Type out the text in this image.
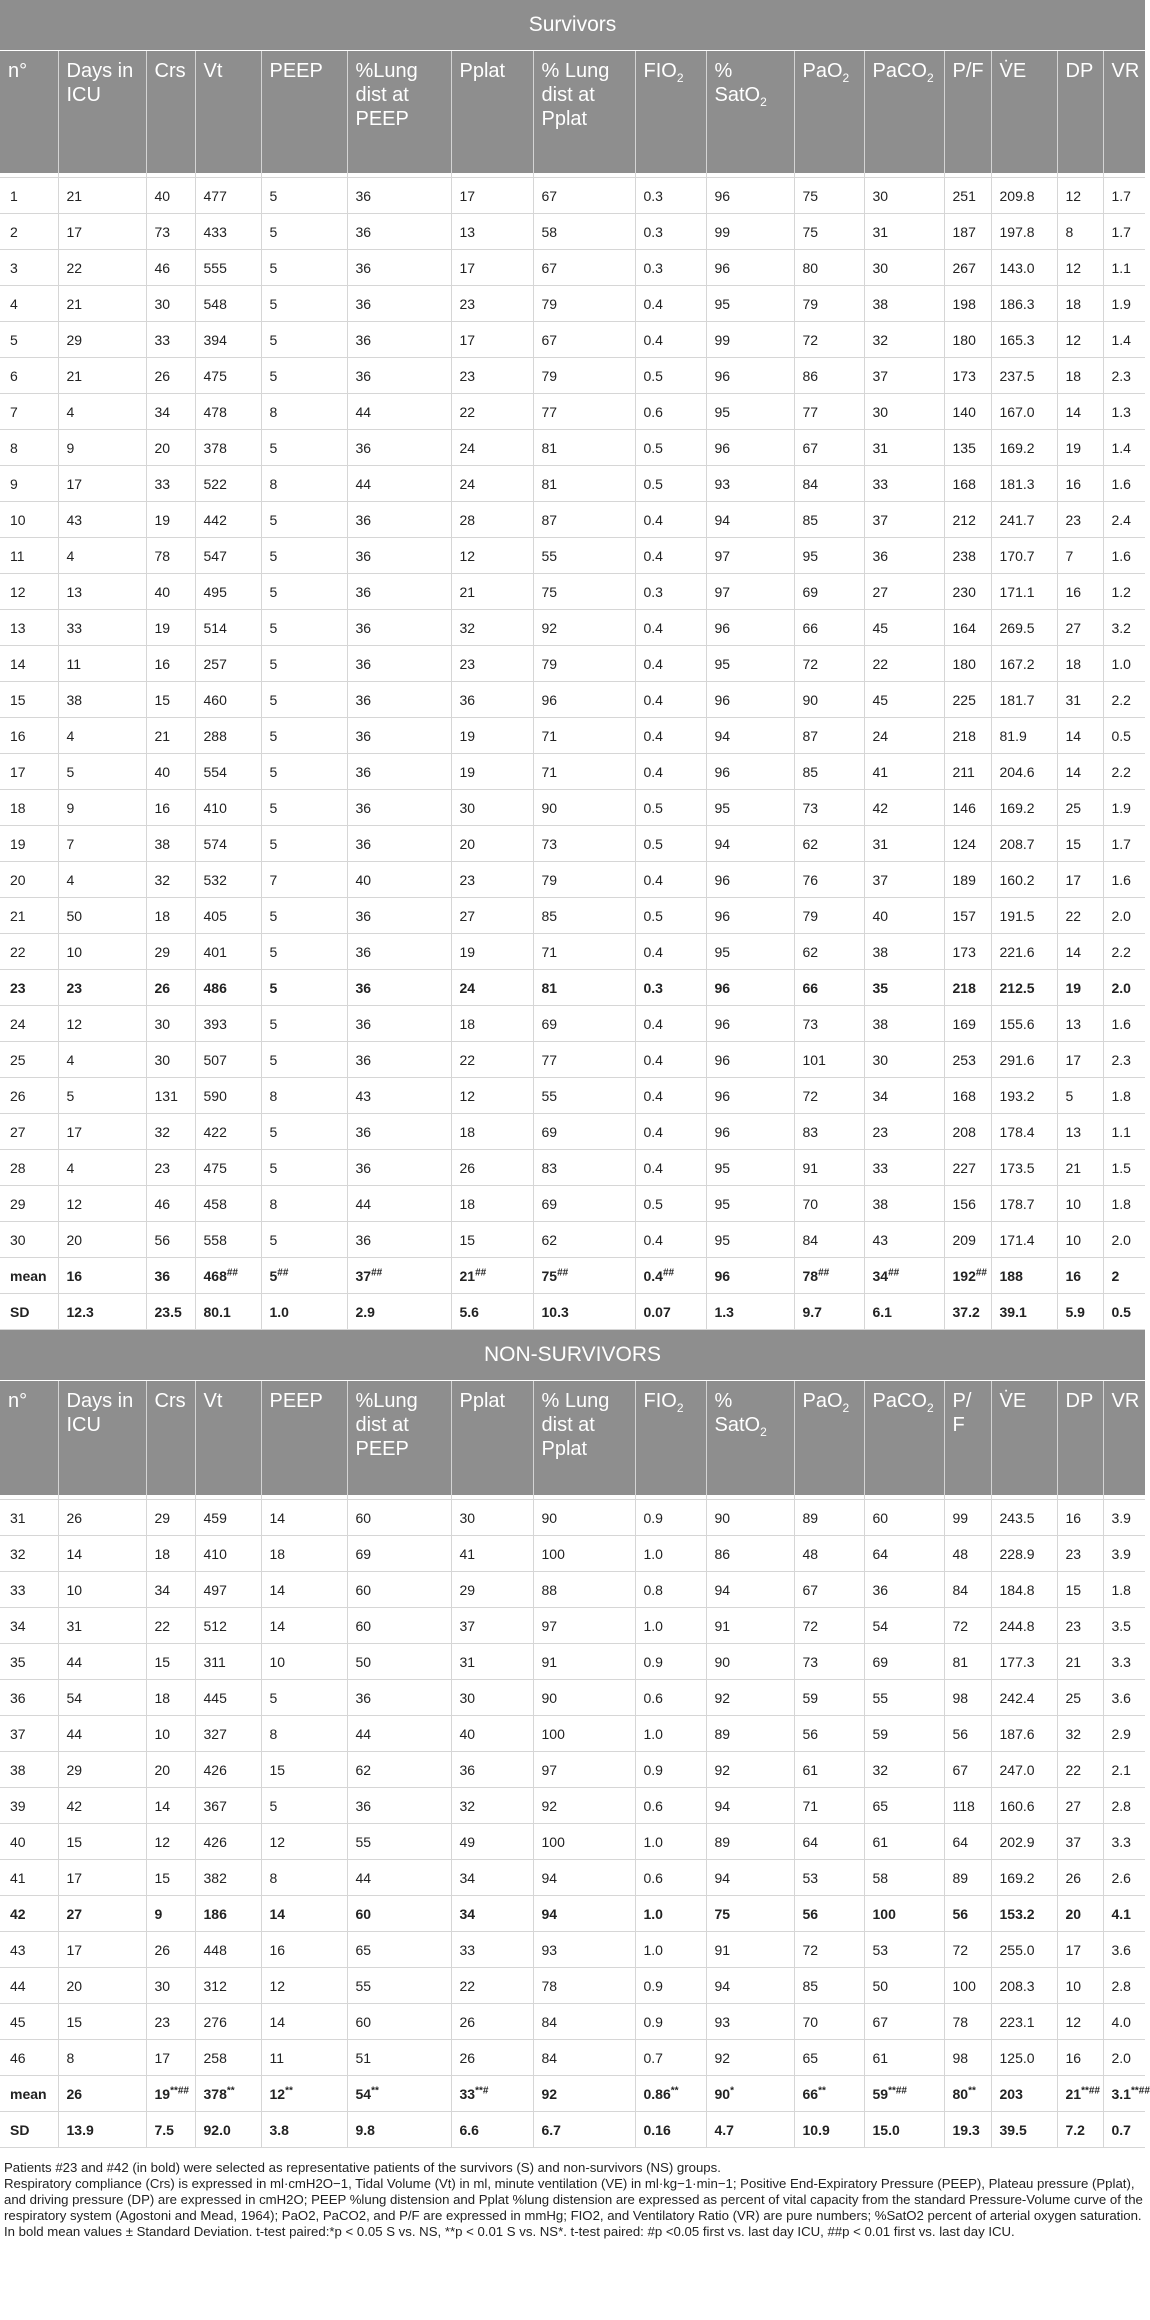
Survivors															
n°	Days in ICU	Crs	Vt	PEEP	%Lung dist at PEEP	Pplat	% Lung dist at Pplat	$FIO_2$	% SatO$_2$	PaO$_2$	PaCO$_2$	P/F	V̇E	DP	VR

1	21	40	477	5	36	17	67	0.3	96	75	30	251	209.8	12	1.7
2	17	73	433	5	36	13	58	0.3	99	75	31	187	197.8	8	1.7
3	22	46	555	5	36	17	67	0.3	96	80	30	267	143.0	12	1.1
4	21	30	548	5	36	23	79	0.4	95	79	38	198	186.3	18	1.9
5	29	33	394	5	36	17	67	0.4	99	72	32	180	165.3	12	1.4
6	21	26	475	5	36	23	79	0.5	96	86	37	173	237.5	18	2.3
7	4	34	478	8	44	22	77	0.6	95	77	30	140	167.0	14	1.3
8	9	20	378	5	36	24	81	0.5	96	67	31	135	169.2	19	1.4
9	17	33	522	8	44	24	81	0.5	93	84	33	168	181.3	16	1.6
10	43	19	442	5	36	28	87	0.4	94	85	37	212	241.7	23	2.4
11	4	78	547	5	36	12	55	0.4	97	95	36	238	170.7	7	1.6
12	13	40	495	5	36	21	75	0.3	97	69	27	230	171.1	16	1.2
13	33	19	514	5	36	32	92	0.4	96	66	45	164	269.5	27	3.2
14	11	16	257	5	36	23	79	0.4	95	72	22	180	167.2	18	1.0
15	38	15	460	5	36	36	96	0.4	96	90	45	225	181.7	31	2.2
16	4	21	288	5	36	19	71	0.4	94	87	24	218	81.9	14	0.5
17	5	40	554	5	36	19	71	0.4	96	85	41	211	204.6	14	2.2
18	9	16	410	5	36	30	90	0.5	95	73	42	146	169.2	25	1.9
19	7	38	574	5	36	20	73	0.5	94	62	31	124	208.7	15	1.7
20	4	32	532	7	40	23	79	0.4	96	76	37	189	160.2	17	1.6
21	50	18	405	5	36	27	85	0.5	96	79	40	157	191.5	22	2.0
22	10	29	401	5	36	19	71	0.4	95	62	38	173	221.6	14	2.2
23	23	26	486	5	36	24	81	0.3	96	66	35	218	212.5	19	2.0
24	12	30	393	5	36	18	69	0.4	96	73	38	169	155.6	13	1.6
25	4	30	507	5	36	22	77	0.4	96	101	30	253	291.6	17	2.3
26	5	131	590	8	43	12	55	0.4	96	72	34	168	193.2	5	1.8
27	17	32	422	5	36	18	69	0.4	96	83	23	208	178.4	13	1.1
28	4	23	475	5	36	26	83	0.4	95	91	33	227	173.5	21	1.5
29	12	46	458	8	44	18	69	0.5	95	70	38	156	178.7	10	1.8
30	20	56	558	5	36	15	62	0.4	95	84	43	209	171.4	10	2.0
mean	16	36	468##	5##	37##	21##	75##	0.4##	96	78##	34##	192##	188	16	2
SD	12.3	23.5	80.1	1.0	2.9	5.6	10.3	0.07	1.3	9.7	6.1	37.2	39.1	5.9	0.5
NON-SURVIVORS															
n°	Days in ICU	Crs	Vt	PEEP	%Lung dist at PEEP	Pplat	% Lung dist at Pplat	$FIO_2$	% SatO$_2$	PaO$_2$	PaCO$_2$	P/ F	V̇E	DP	VR

31	26	29	459	14	60	30	90	0.9	90	89	60	99	243.5	16	3.9
32	14	18	410	18	69	41	100	1.0	86	48	64	48	228.9	23	3.9
33	10	34	497	14	60	29	88	0.8	94	67	36	84	184.8	15	1.8
34	31	22	512	14	60	37	97	1.0	91	72	54	72	244.8	23	3.5
35	44	15	311	10	50	31	91	0.9	90	73	69	81	177.3	21	3.3
36	54	18	445	5	36	30	90	0.6	92	59	55	98	242.4	25	3.6
37	44	10	327	8	44	40	100	1.0	89	56	59	56	187.6	32	2.9
38	29	20	426	15	62	36	97	0.9	92	61	32	67	247.0	22	2.1
39	42	14	367	5	36	32	92	0.6	94	71	65	118	160.6	27	2.8
40	15	12	426	12	55	49	100	1.0	89	64	61	64	202.9	37	3.3
41	17	15	382	8	44	34	94	0.6	94	53	58	89	169.2	26	2.6
42	27	9	186	14	60	34	94	1.0	75	56	100	56	153.2	20	4.1
43	17	26	448	16	65	33	93	1.0	91	72	53	72	255.0	17	3.6
44	20	30	312	12	55	22	78	0.9	94	85	50	100	208.3	10	2.8
45	15	23	276	14	60	26	84	0.9	93	70	67	78	223.1	12	4.0
46	8	17	258	11	51	26	84	0.7	92	65	61	98	125.0	16	2.0
mean	26	19**##	378**	12**	54**	33**#	92	0.86**	90*	66**	59**##	80**	203	21**##	3.1**##
SD	13.9	7.5	92.0	3.8	9.8	6.6	6.7	0.16	4.7	10.9	15.0	19.3	39.5	7.2	0.7

Patients #23 and #42 (in bold) were selected as representative patients of the survivors (S) and non-survivors (NS) groups.

Respiratory compliance (Crs) is expressed in ml·cmH2O−1, Tidal Volume (Vt) in ml, minute ventilation (VE) in ml·kg−1·min−1; Positive End-Expiratory Pressure (PEEP), Plateau pressure (Pplat), and driving pressure (DP) are expressed in cmH2O; PEEP %lung distension and Pplat %lung distension are expressed as percent of vital capacity from the standard Pressure-Volume curve of the respiratory system (Agostoni and Mead, 1964); PaO2, PaCO2, and P/F are expressed in mmHg; FIO2, and Ventilatory Ratio (VR) are pure numbers; %SatO2 percent of arterial oxygen saturation.

In bold mean values ± Standard Deviation. t-test paired:*p < 0.05 S vs. NS, **p < 0.01 S vs. NS*. t-test paired: #p <0.05 first vs. last day ICU, ##p < 0.01 first vs. last day ICU.
